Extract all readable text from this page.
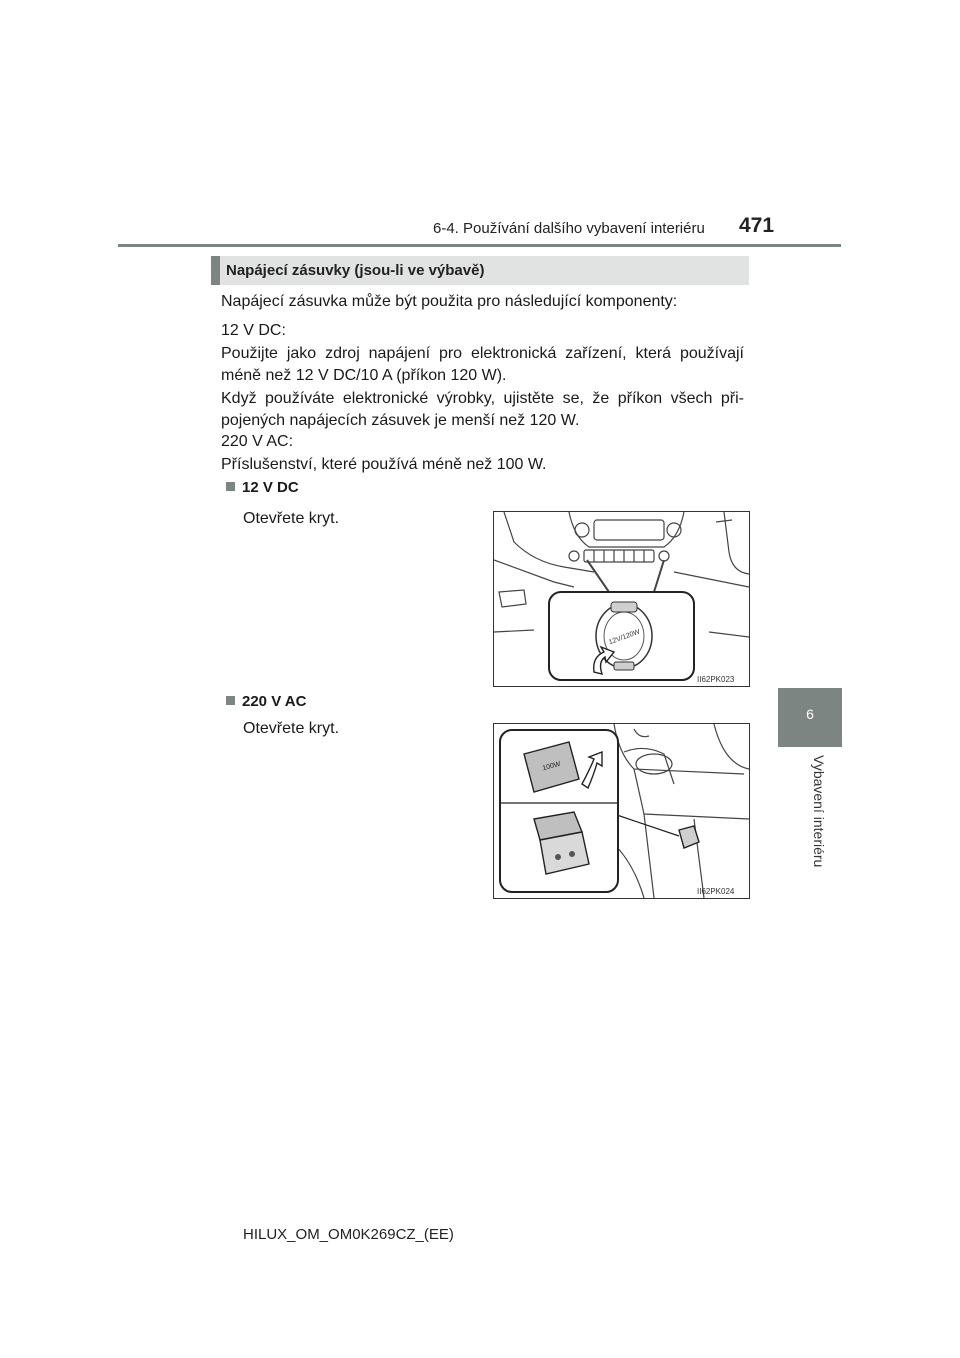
6-4. Používání dalšího vybavení interiéru 471
6
Vybavení interiéru
Napájecí zásuvky (jsou-li ve výbavě)
Napájecí zásuvka může být použita pro následující komponenty:
12 V DC:
Použijte jako zdroj napájení pro elektronická zařízení, která používají méně než 12 V DC/10 A (příkon 120 W).
Když používáte elektronické výrobky, ujistěte se, že příkon všech při-pojených napájecích zásuvek je menší než 120 W.
220 V AC:
Příslušenství, které používá méně než 100 W.
12 V DC
Otevřete kryt.
12V/120W
II62PK023
220 V AC
Otevřete kryt.
100W
II62PK024
HILUX_OM_OM0K269CZ_(EE)
